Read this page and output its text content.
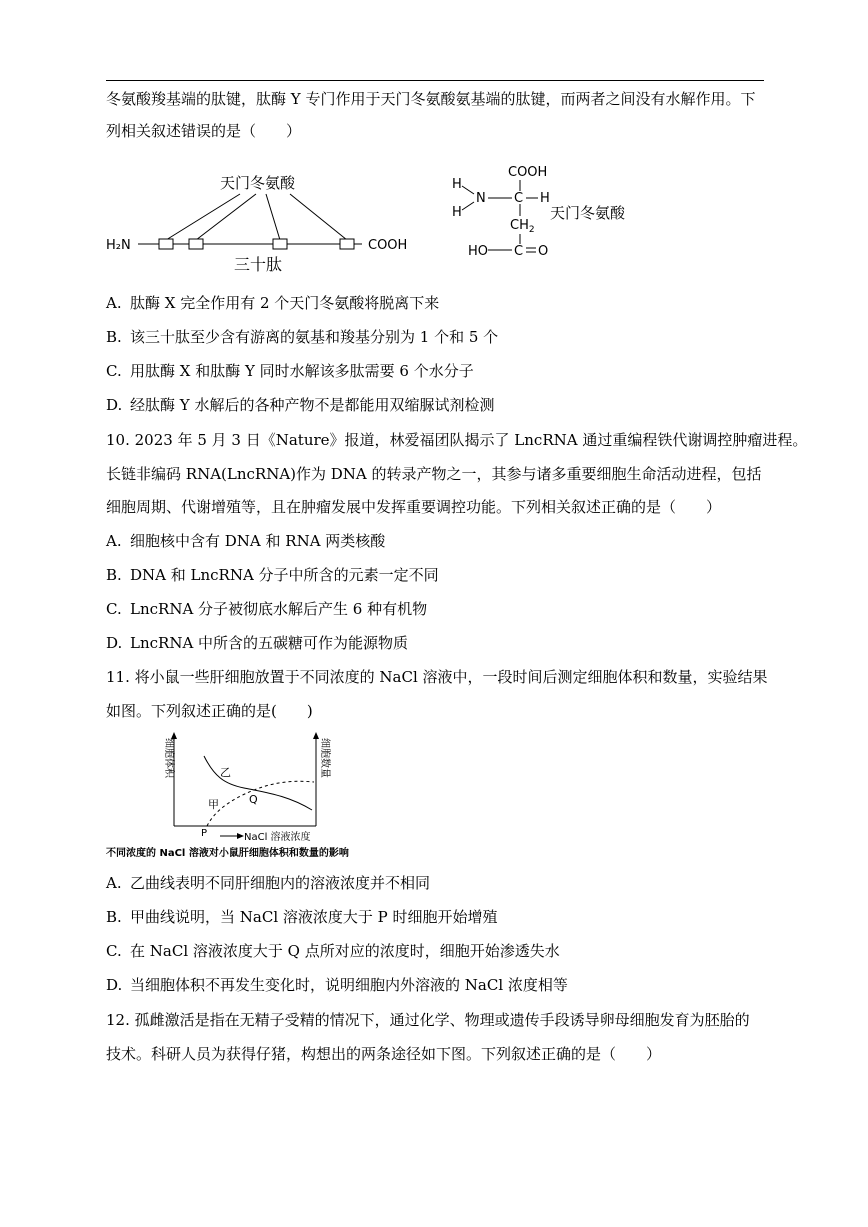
冬氨酸羧基端的肽键，肽酶 Y 专门作用于天门冬氨酸氨基端的肽键，而两者之间没有水解作用。下
列相关叙述错误的是（　　）
天门冬氨酸
H₂N	COOH
三十肽
COOH
H
H
N C H
$CH_2$
天门冬氨酸
HO C O
A. 肽酶 X 完全作用有 2 个天门冬氨酸将脱离下来
B. 该三十肽至少含有游离的氨基和羧基分别为 1 个和 5 个
C. 用肽酶 X 和肽酶 Y 同时水解该多肽需要 6 个水分子
D. 经肽酶 Y 水解后的各种产物不是都能用双缩脲试剂检测
10. 2023 年 5 月 3 日《Nature》报道，林爱福团队揭示了 LncRNA 通过重编程铁代谢调控肿瘤进程。
长链非编码 RNA(LncRNA)作为 DNA 的转录产物之一，其参与诸多重要细胞生命活动进程，包括
细胞周期、代谢增殖等，且在肿瘤发展中发挥重要调控功能。下列相关叙述正确的是（　　）
A. 细胞核中含有 DNA 和 RNA 两类核酸
B. DNA 和 LncRNA 分子中所含的元素一定不同
C. LncRNA 分子被彻底水解后产生 6 种有机物
D. LncRNA 中所含的五碳糖可作为能源物质
11. 将小鼠一些肝细胞放置于不同浓度的 NaCl 溶液中，一段时间后测定细胞体积和数量，实验结果
如图。下列叙述正确的是(　　)
细胞体积	细胞数量
乙
甲	Q
P	NaCl 溶液浓度
不同浓度的 NaCl 溶液对小鼠肝细胞体积和数量的影响
A. 乙曲线表明不同肝细胞内的溶液浓度并不相同
B. 甲曲线说明，当 NaCl 溶液浓度大于 P 时细胞开始增殖
C. 在 NaCl 溶液浓度大于 Q 点所对应的浓度时，细胞开始渗透失水
D. 当细胞体积不再发生变化时，说明细胞内外溶液的 NaCl 浓度相等
12. 孤雌激活是指在无精子受精的情况下，通过化学、物理或遗传手段诱导卵母细胞发育为胚胎的
技术。科研人员为获得仔猪，构想出的两条途径如下图。下列叙述正确的是（　　）
